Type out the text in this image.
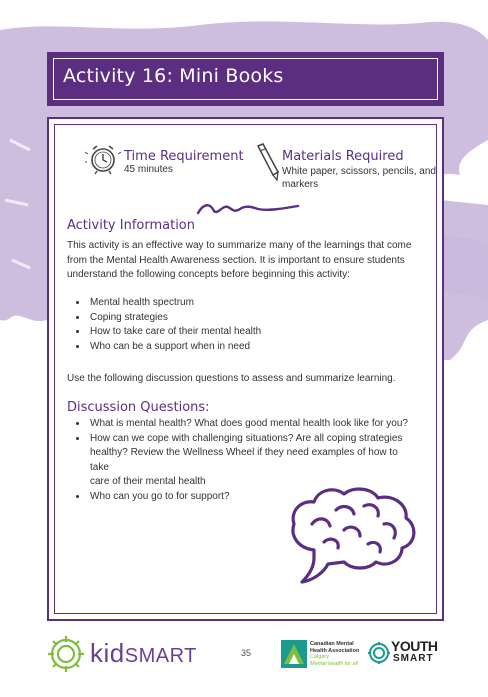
Activity 16: Mini Books
Time Requirement
45 minutes
Materials Required
White paper, scissors, pencils, and
markers
Activity Information
This activity is an effective way to summarize many of the learnings that come
from the Mental Health Awareness section. It is important to ensure students
understand the following concepts before beginning this activity:
• Mental health spectrum
• Coping strategies
• How to take care of their mental health
• Who can be a support when in need
Use the following discussion questions to assess and summarize learning.
Discussion Questions:
• What is mental health? What does good mental health look like for you?
• How can we cope with challenging situations? Are all coping strategies
healthy? Review the Wellness Wheel if they need examples of how to take
care of their mental health
• Who can you go to for support?
kidSMART	35
Canadian Mental
Health Association
Calgary
Mental health for all
YOUTH
SMART
